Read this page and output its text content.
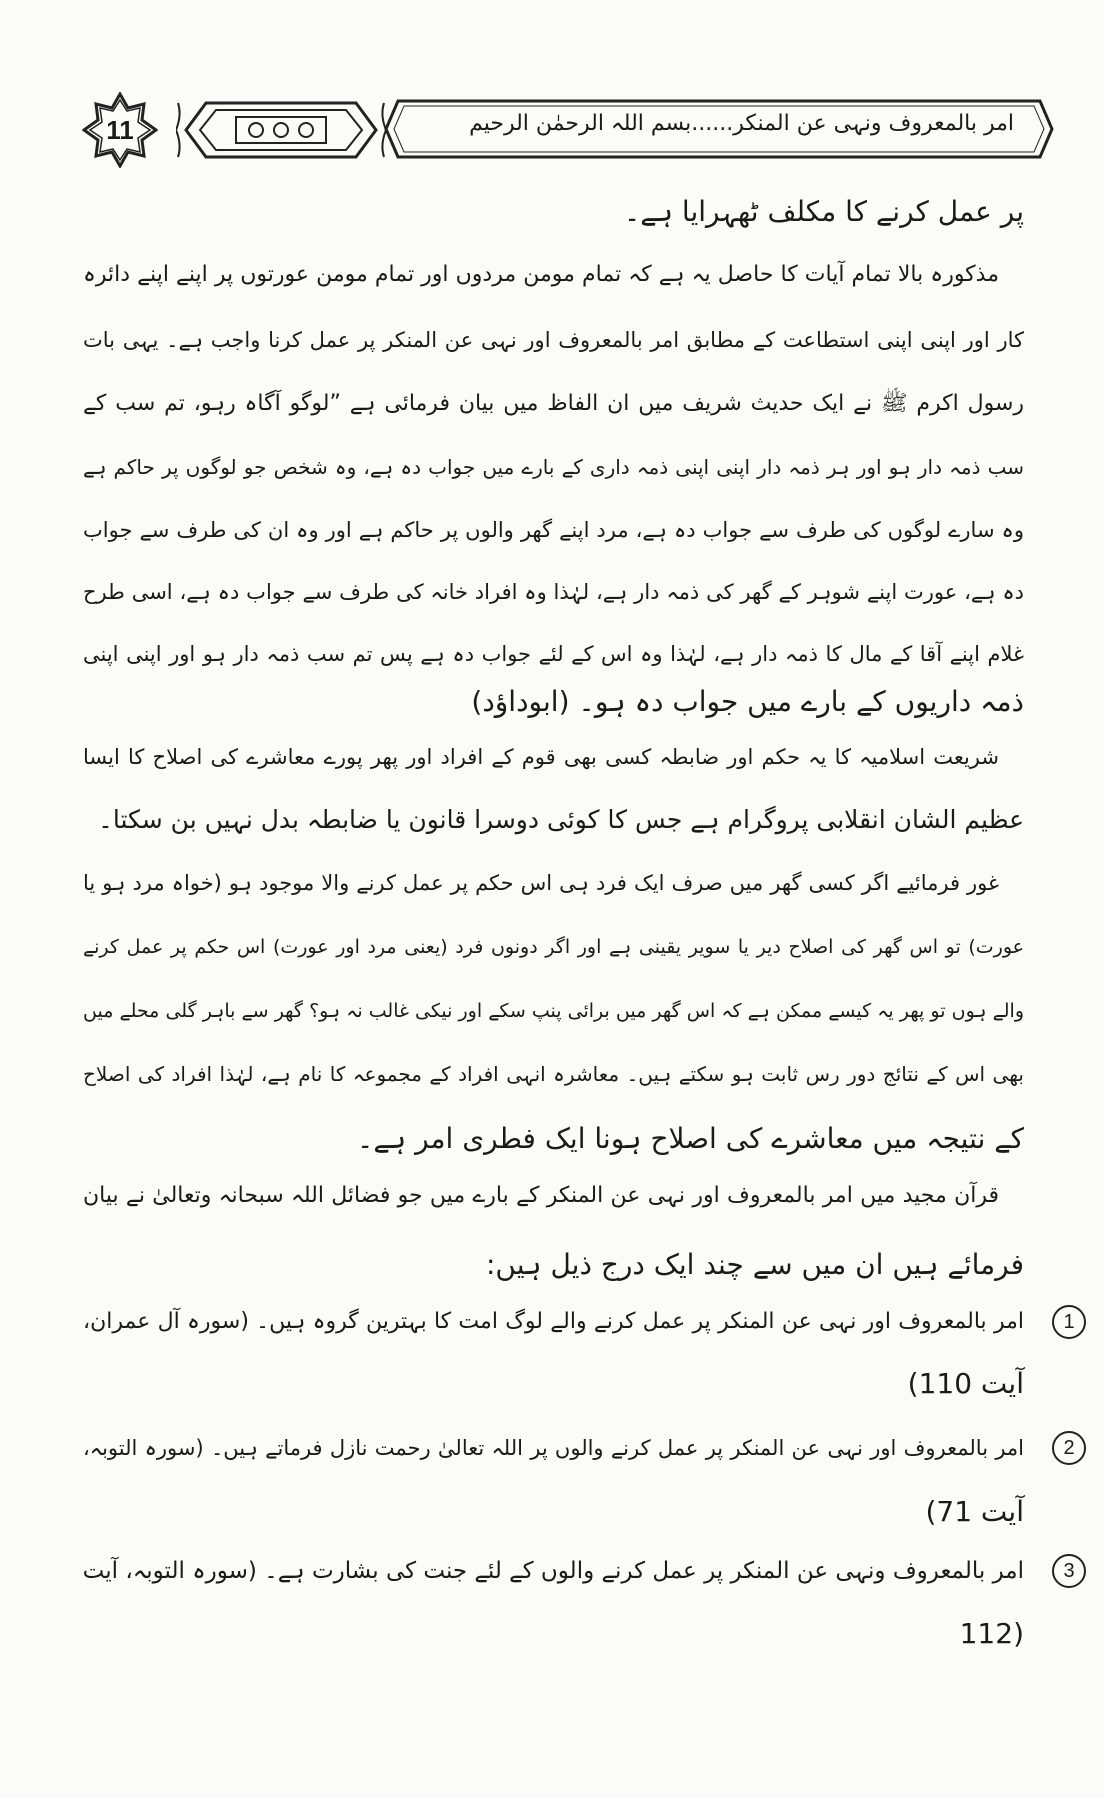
11	امر بالمعروف ونہی عن المنکر......بسم اللہ الرحمٰن الرحیم
پر عمل کرنے کا مکلف ٹھہرایا ہے۔
مذکورہ بالا تمام آیات کا حاصل یہ ہے کہ تمام مومن مردوں اور تمام مومن عورتوں پر اپنے اپنے دائرہ
کار اور اپنی اپنی استطاعت کے مطابق امر بالمعروف اور نہی عن المنکر پر عمل کرنا واجب ہے۔ یہی بات
رسول اکرم ﷺ نے ایک حدیث شریف میں ان الفاظ میں بیان فرمائی ہے ”لوگو آگاہ رہو، تم سب کے
سب ذمہ دار ہو اور ہر ذمہ دار اپنی اپنی ذمہ داری کے بارے میں جواب دہ ہے، وہ شخص جو لوگوں پر حاکم ہے
وہ سارے لوگوں کی طرف سے جواب دہ ہے، مرد اپنے گھر والوں پر حاکم ہے اور وہ ان کی طرف سے جواب
دہ ہے، عورت اپنے شوہر کے گھر کی ذمہ دار ہے، لہٰذا وہ افراد خانہ کی طرف سے جواب دہ ہے، اسی طرح
غلام اپنے آقا کے مال کا ذمہ دار ہے، لہٰذا وہ اس کے لئے جواب دہ ہے پس تم سب ذمہ دار ہو اور اپنی اپنی
ذمہ داریوں کے بارے میں جواب دہ ہو۔ (ابوداؤد)
شریعت اسلامیہ کا یہ حکم اور ضابطہ کسی بھی قوم کے افراد اور پھر پورے معاشرے کی اصلاح کا ایسا
عظیم الشان انقلابی پروگرام ہے جس کا کوئی دوسرا قانون یا ضابطہ بدل نہیں بن سکتا۔
غور فرمائیے اگر کسی گھر میں صرف ایک فرد ہی اس حکم پر عمل کرنے والا موجود ہو (خواہ مرد ہو یا
عورت) تو اس گھر کی اصلاح دیر یا سویر یقینی ہے اور اگر دونوں فرد (یعنی مرد اور عورت) اس حکم پر عمل کرنے
والے ہوں تو پھر یہ کیسے ممکن ہے کہ اس گھر میں برائی پنپ سکے اور نیکی غالب نہ ہو؟ گھر سے باہر گلی محلے میں
بھی اس کے نتائج دور رس ثابت ہو سکتے ہیں۔ معاشرہ انہی افراد کے مجموعہ کا نام ہے، لہٰذا افراد کی اصلاح
کے نتیجہ میں معاشرے کی اصلاح ہونا ایک فطری امر ہے۔
قرآن مجید میں امر بالمعروف اور نہی عن المنکر کے بارے میں جو فضائل اللہ سبحانہ وتعالیٰ نے بیان
فرمائے ہیں ان میں سے چند ایک درج ذیل ہیں:
1
امر بالمعروف اور نہی عن المنکر پر عمل کرنے والے لوگ امت کا بہترین گروہ ہیں۔ (سورہ آل عمران،
آیت 110)
2
امر بالمعروف اور نہی عن المنکر پر عمل کرنے والوں پر اللہ تعالیٰ رحمت نازل فرماتے ہیں۔ (سورہ التوبہ،
آیت 71)
3
امر بالمعروف ونہی عن المنکر پر عمل کرنے والوں کے لئے جنت کی بشارت ہے۔ (سورہ التوبہ، آیت
(112
